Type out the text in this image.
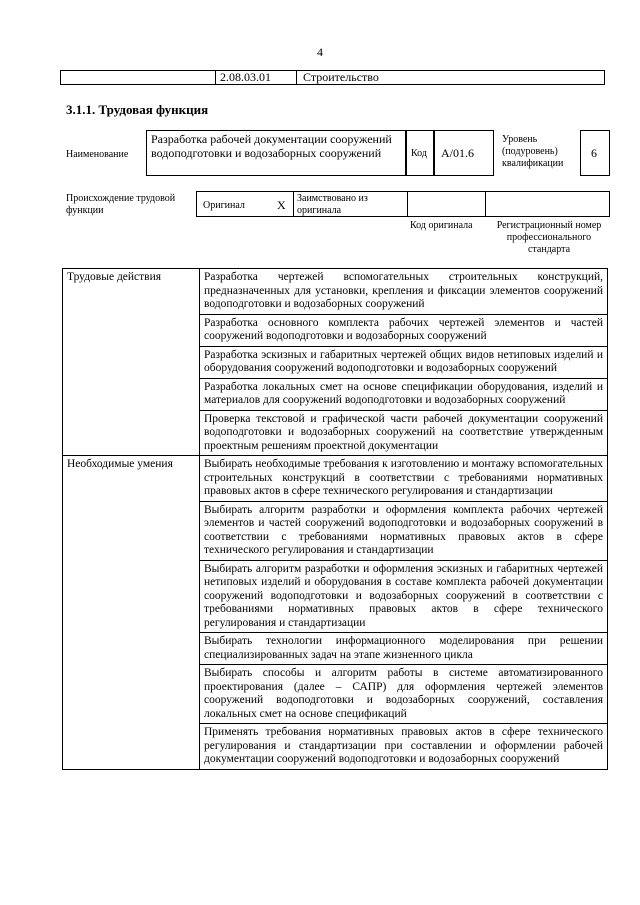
4
2.08.03.01	Строительство
3.1.1. Трудовая функция
Наименование
Разработка рабочей документации сооружений водоподготовки и водозаборных сооружений	Код	A/01.6
Уровень (подуровень) квалификации
6
Происхождение трудовой функции	Оригинал	X Заимствовано из оригинала
Код оригинала	Регистрационный номер профессионального стандарта
Трудовые действия	Разработка чертежей вспомогательных строительных конструкций, предназначенных для установки, крепления и фиксации элементов сооружений водоподготовки и водозаборных сооружений
	Разработка основного комплекта рабочих чертежей элементов и частей сооружений водоподготовки и водозаборных сооружений
	Разработка эскизных и габаритных чертежей общих видов нетиповых изделий и оборудования сооружений водоподготовки и водозаборных сооружений
	Разработка локальных смет на основе спецификации оборудования, изделий и материалов для сооружений водоподготовки и водозаборных сооружений
	Проверка текстовой и графической части рабочей документации сооружений водоподготовки и водозаборных сооружений на соответствие утвержденным проектным решениям проектной документации
Необходимые умения	Выбирать необходимые требования к изготовлению и монтажу вспомогательных строительных конструкций в соответствии с требованиями нормативных правовых актов в сфере технического регулирования и стандартизации
	Выбирать алгоритм разработки и оформления комплекта рабочих чертежей элементов и частей сооружений водоподготовки и водозаборных сооружений в соответствии с требованиями нормативных правовых актов в сфере технического регулирования и стандартизации
	Выбирать алгоритм разработки и оформления эскизных и габаритных чертежей нетиповых изделий и оборудования в составе комплекта рабочей документации сооружений водоподготовки и водозаборных сооружений в соответствии с требованиями нормативных правовых актов в сфере технического регулирования и стандартизации
	Выбирать технологии информационного моделирования при решении специализированных задач на этапе жизненного цикла
	Выбирать способы и алгоритм работы в системе автоматизированного проектирования (далее – САПР) для оформления чертежей элементов сооружений водоподготовки и водозаборных сооружений, составления локальных смет на основе спецификаций
	Применять требования нормативных правовых актов в сфере технического регулирования и стандартизации при составлении и оформлении рабочей документации сооружений водоподготовки и водозаборных сооружений
